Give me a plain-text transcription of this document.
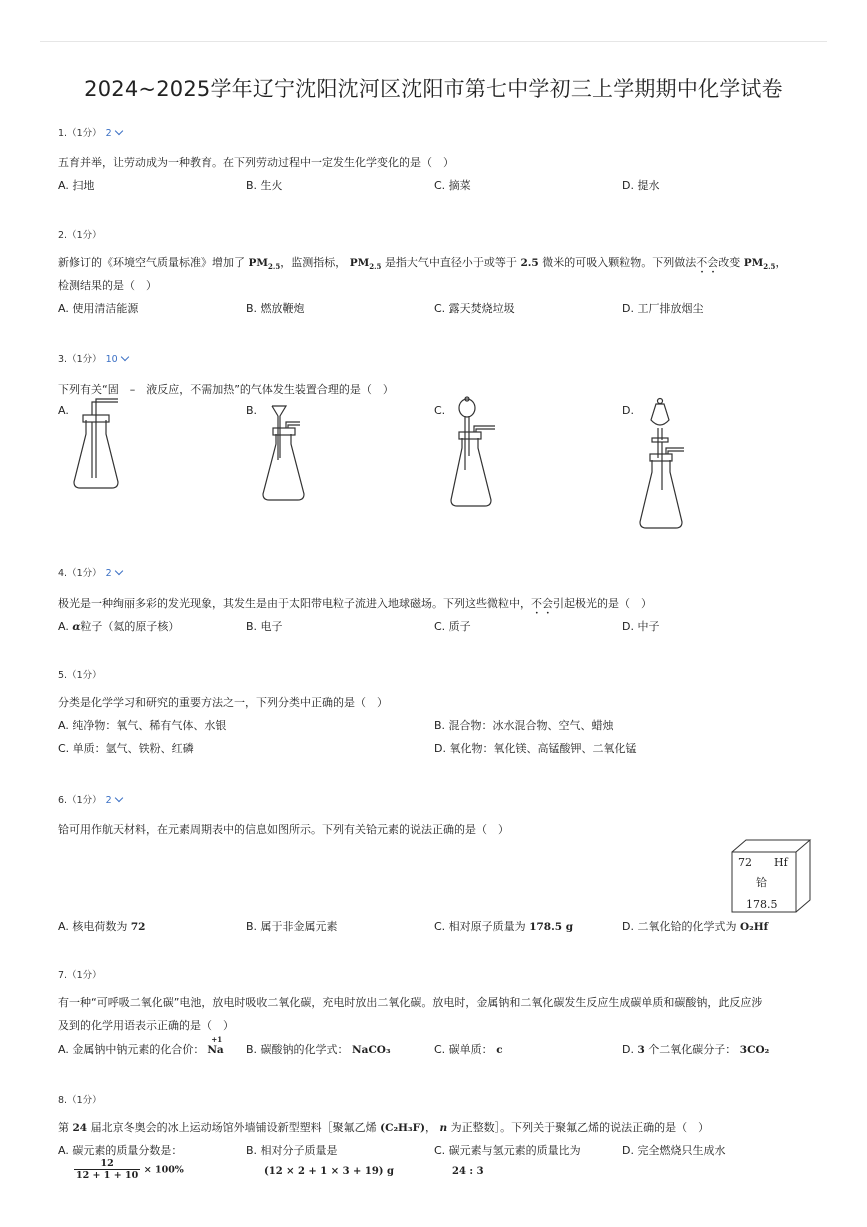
2024~2025学年辽宁沈阳沈河区沈阳市第七中学初三上学期期中化学试卷
1.（1分） 2
五育并举，让劳动成为一种教育。在下列劳动过程中一定发生化学变化的是（　）
A. 扫地	B. 生火	C. 摘菜	D. 提水
2.（1分）
新修订的《环境空气质量标准》增加了 $PM_{2.5}$，监测指标， $PM_{2.5}$ 是指大气中直径小于或等于 2.5 微米的可吸入颗粒物。下列做法不会改变 $PM_{2.5}$，
检测结果的是（　）
A. 使用清洁能源	B. 燃放鞭炮	C. 露天焚烧垃圾	D. 工厂排放烟尘
3.（1分） 10
下列有关“固　–　液反应，不需加热”的气体发生装置合理的是（　）
A.	B.	C.	D.
4.（1分） 2
极光是一种绚丽多彩的发光现象，其发生是由于太阳带电粒子流进入地球磁场。下列这些微粒中，不会引起极光的是（　）
A. α粒子（氦的原子核）	B. 电子	C. 质子	D. 中子
5.（1分）
分类是化学学习和研究的重要方法之一，下列分类中正确的是（　）
A. 纯净物：氧气、稀有气体、水银	B. 混合物：冰水混合物、空气、蜡烛
C. 单质：氩气、铁粉、红磷	D. 氧化物：氧化镁、高锰酸钾、二氧化锰
6.（1分） 2
铪可用作航天材料，在元素周期表中的信息如图所示。下列有关铪元素的说法正确的是（　）
72 Hf
铪
178.5
A. 核电荷数为 72	B. 属于非金属元素	C. 相对原子质量为 178.5 g	D. 二氧化铪的化学式为 O₂Hf
7.（1分）
有一种“可呼吸二氧化碳”电池，放电时吸收二氧化碳，充电时放出二氧化碳。放电时，金属钠和二氧化碳发生反应生成碳单质和碳酸钠，此反应涉
及到的化学用语表示正确的是（　）
A. 金属钠中钠元素的化合价：
+1
Na B. 碳酸钠的化学式： NaCO₃	C. 碳单质： c	D. 3 个二氧化碳分子： 3CO₂
8.（1分）
第 24 届北京冬奥会的冰上运动场馆外墙铺设新型塑料［聚氟乙烯 (C₂H₃F)， n 为正整数］。下列关于聚氟乙烯的说法正确的是（　）
A. 碳元素的质量分数是：
$\frac{12}{12 + 1 + 10} \times 100\%$
B. 相对分子质量是
(12 × 2 + 1 × 3 + 19) g
C. 碳元素与氢元素的质量比为
24 : 3
D. 完全燃烧只生成水
